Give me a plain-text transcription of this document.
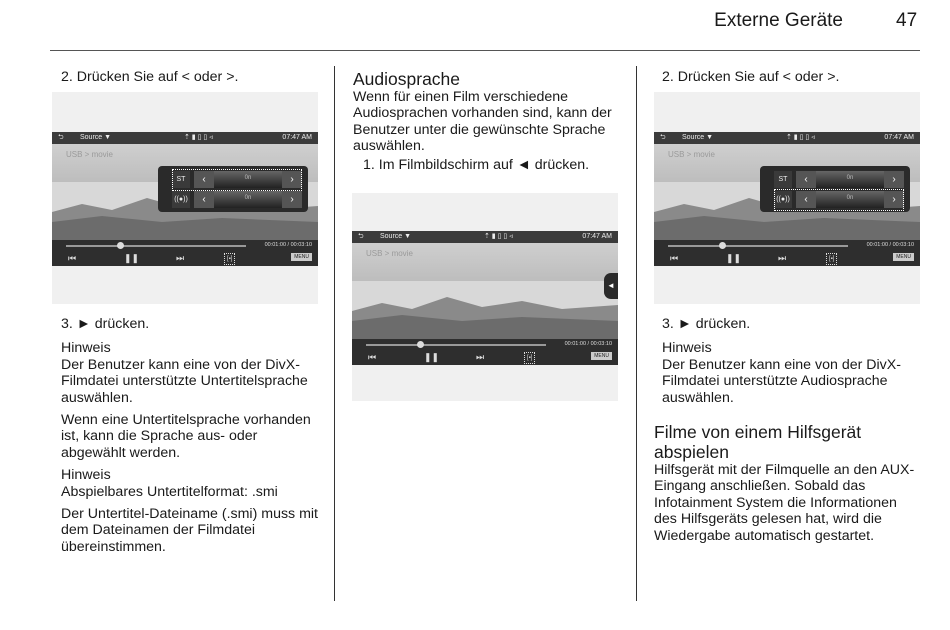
Externe Geräte	47

2. Drücken Sie auf < oder >.

⮌ Source ▼	⇡ ▮ ▯ ▯ ◃	07:47 AM
USB > movie
ST	‹	0n	›
((●))	‹	0n	›
00:01:00 / 00:03:10
⏮	❚❚	⏭	[▪]	MENU

3. ► drücken.

Hinweis

Der Benutzer kann eine von der DivX-Filmdatei unterstützte Untertitelsprache auswählen.

Wenn eine Untertitelsprache vorhanden ist, kann die Sprache aus- oder abgewählt werden.

Hinweis

Abspielbares Untertitelformat: .smi

Der Untertitel-Dateiname (.smi) muss mit dem Dateinamen der Filmdatei übereinstimmen.

Audiosprache

Wenn für einen Film verschiedene Audiosprachen vorhanden sind, kann der Benutzer unter die gewünschte Sprache auswählen.

1. Im Filmbildschirm auf ◄ drücken.

⮌ Source ▼	⇡ ▮ ▯ ▯ ◃	07:47 AM
USB > movie
◄
00:01:00 / 00:03:10
⏮	❚❚	⏭	[▪]	MENU

2. Drücken Sie auf < oder >.

⮌ Source ▼	⇡ ▮ ▯ ▯ ◃	07:47 AM
USB > movie
ST	‹	0n	›
((●))	‹	0n	›
00:01:00 / 00:03:10
⏮	❚❚	⏭	[▪]	MENU

3. ► drücken.

Hinweis

Der Benutzer kann eine von der DivX-Filmdatei unterstützte Audiosprache auswählen.

Filme von einem Hilfsgerät abspielen

Hilfsgerät mit der Filmquelle an den AUX-Eingang anschließen. Sobald das Infotainment System die Informationen des Hilfsgeräts gelesen hat, wird die Wiedergabe automatisch gestartet.
